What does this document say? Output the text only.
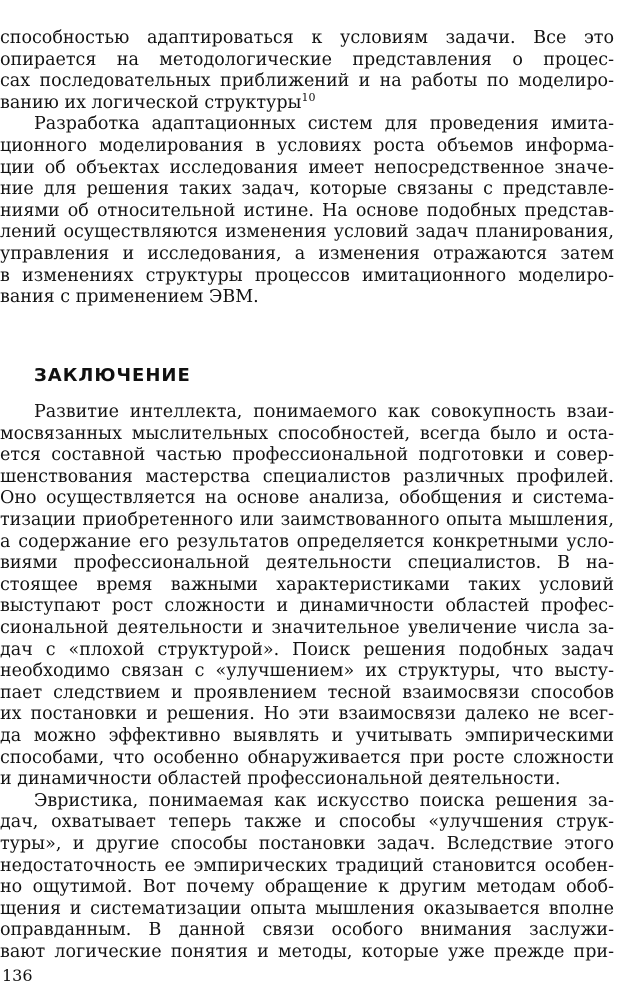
способностью адаптироваться к условиям задачи. Все это
опирается на методологические представления о процес-
сах последовательных приближений и на работы по моделиро-
ванию их логической структуры$^{10}$
Разработка адаптационных систем для проведения имита-
ционного моделирования в условиях роста объемов информа-
ции об объектах исследования имеет непосредственное значе-
ние для решения таких задач, которые связаны с представле-
ниями об относительной истине. На основе подобных представ-
лений осуществляются изменения условий задач планирования,
управления и исследования, а изменения отражаются затем
в изменениях структуры процессов имитационного моделиро-
вания с применением ЭВМ.
ЗАКЛЮЧЕНИЕ
Развитие интеллекта, понимаемого как совокупность взаи-
мосвязанных мыслительных способностей, всегда было и оста-
ется составной частью профессиональной подготовки и совер-
шенствования мастерства специалистов различных профилей.
Оно осуществляется на основе анализа, обобщения и система-
тизации приобретенного или заимствованного опыта мышления,
а содержание его результатов определяется конкретными усло-
виями профессиональной деятельности специалистов. В на-
стоящее время важными характеристиками таких условий
выступают рост сложности и динамичности областей профес-
сиональной деятельности и значительное увеличение числа за-
дач с «плохой структурой». Поиск решения подобных задач
необходимо связан с «улучшением» их структуры, что высту-
пает следствием и проявлением тесной взаимосвязи способов
их постановки и решения. Но эти взаимосвязи далеко не всег-
да можно эффективно выявлять и учитывать эмпирическими
способами, что особенно обнаруживается при росте сложности
и динамичности областей профессиональной деятельности.
Эвристика, понимаемая как искусство поиска решения за-
дач, охватывает теперь также и способы «улучшения струк-
туры», и другие способы постановки задач. Вследствие этого
недостаточность ее эмпирических традиций становится особен-
но ощутимой. Вот почему обращение к другим методам обоб-
щения и систематизации опыта мышления оказывается вполне
оправданным. В данной связи особого внимания заслужи-
вают логические понятия и методы, которые уже прежде при-
136
